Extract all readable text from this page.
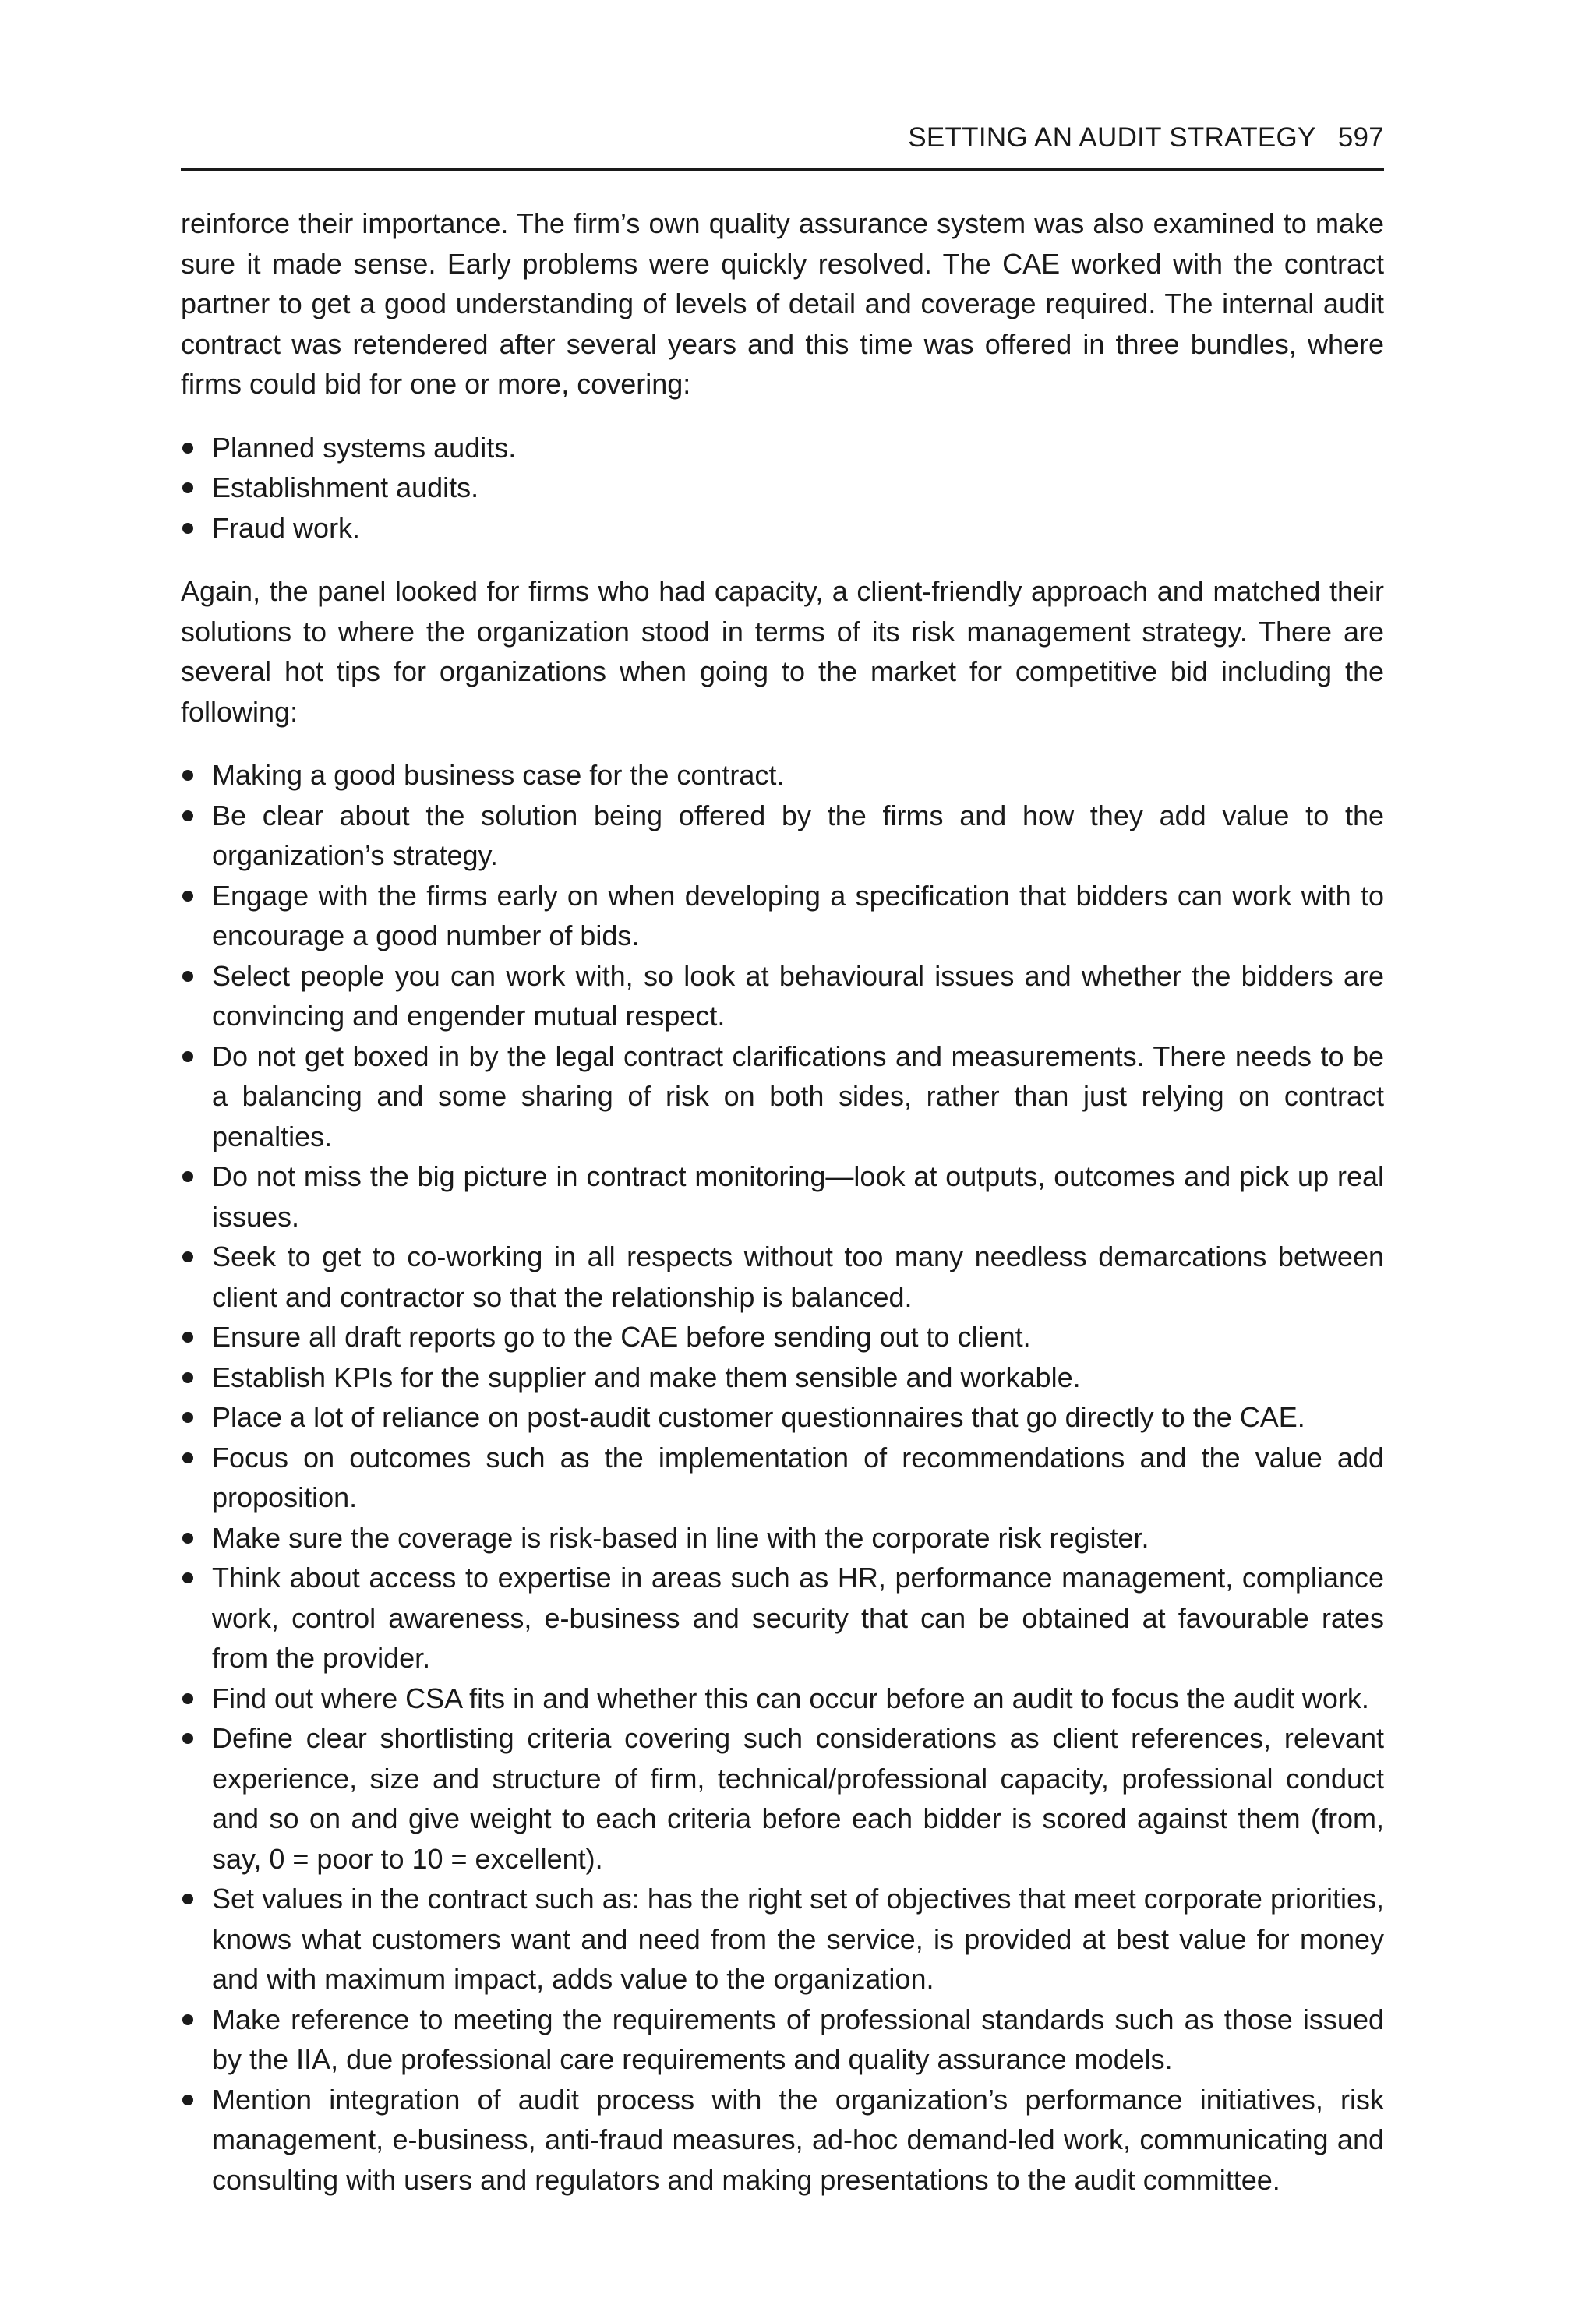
SETTING AN AUDIT STRATEGY 597

reinforce their importance. The firm’s own quality assurance system was also examined to make sure it made sense. Early problems were quickly resolved. The CAE worked with the contract partner to get a good understanding of levels of detail and coverage required. The internal audit contract was retendered after several years and this time was offered in three bundles, where firms could bid for one or more, covering:

Planned systems audits.
Establishment audits.
Fraud work.

Again, the panel looked for firms who had capacity, a client-friendly approach and matched their solutions to where the organization stood in terms of its risk management strategy. There are several hot tips for organizations when going to the market for competitive bid including the following:

Making a good business case for the contract.
Be clear about the solution being offered by the firms and how they add value to the organization’s strategy.
Engage with the firms early on when developing a specification that bidders can work with to encourage a good number of bids.
Select people you can work with, so look at behavioural issues and whether the bidders are convincing and engender mutual respect.
Do not get boxed in by the legal contract clarifications and measurements. There needs to be a balancing and some sharing of risk on both sides, rather than just relying on contract penalties.
Do not miss the big picture in contract monitoring—look at outputs, outcomes and pick up real issues.
Seek to get to co-working in all respects without too many needless demarcations between client and contractor so that the relationship is balanced.
Ensure all draft reports go to the CAE before sending out to client.
Establish KPIs for the supplier and make them sensible and workable.
Place a lot of reliance on post-audit customer questionnaires that go directly to the CAE.
Focus on outcomes such as the implementation of recommendations and the value add proposition.
Make sure the coverage is risk-based in line with the corporate risk register.
Think about access to expertise in areas such as HR, performance management, compliance work, control awareness, e-business and security that can be obtained at favourable rates from the provider.
Find out where CSA fits in and whether this can occur before an audit to focus the audit work.
Define clear shortlisting criteria covering such considerations as client references, relevant experience, size and structure of firm, technical/professional capacity, professional conduct and so on and give weight to each criteria before each bidder is scored against them (from, say, 0 = poor to 10 = excellent).
Set values in the contract such as: has the right set of objectives that meet corporate priorities, knows what customers want and need from the service, is provided at best value for money and with maximum impact, adds value to the organization.
Make reference to meeting the requirements of professional standards such as those issued by the IIA, due professional care requirements and quality assurance models.
Mention integration of audit process with the organization’s performance initiatives, risk management, e-business, anti-fraud measures, ad-hoc demand-led work, communicating and consulting with users and regulators and making presentations to the audit committee.
